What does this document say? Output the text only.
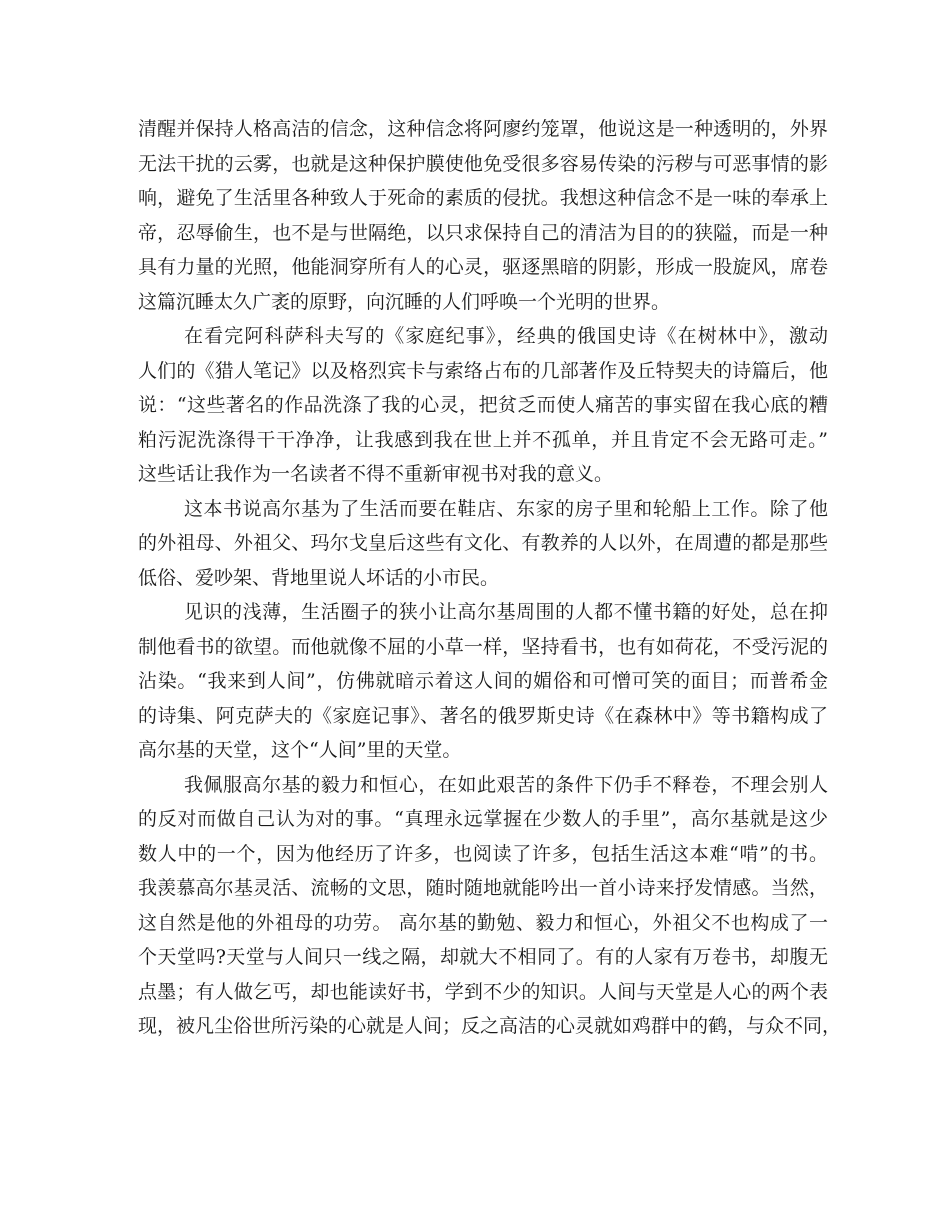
清醒并保持人格高洁的信念，这种信念将阿廖约笼罩，他说这是一种透明的，外界
无法干扰的云雾，也就是这种保护膜使他免受很多容易传染的污秽与可恶事情的影
响，避免了生活里各种致人于死命的素质的侵扰。我想这种信念不是一味的奉承上
帝，忍辱偷生，也不是与世隔绝，以只求保持自己的清洁为目的的狭隘，而是一种
具有力量的光照，他能洞穿所有人的心灵，驱逐黑暗的阴影，形成一股旋风，席卷
这篇沉睡太久广袤的原野，向沉睡的人们呼唤一个光明的世界。
在看完阿科萨科夫写的《家庭纪事》，经典的俄国史诗《在树林中》，激动
人们的《猎人笔记》以及格烈宾卡与索络占布的几部著作及丘特契夫的诗篇后，他
说：“这些著名的作品洗涤了我的心灵，把贫乏而使人痛苦的事实留在我心底的糟
粕污泥洗涤得干干净净，让我感到我在世上并不孤单，并且肯定不会无路可走。”
这些话让我作为一名读者不得不重新审视书对我的意义。
这本书说高尔基为了生活而要在鞋店、东家的房子里和轮船上工作。除了他
的外祖母、外祖父、玛尔戈皇后这些有文化、有教养的人以外，在周遭的都是那些
低俗、爱吵架、背地里说人坏话的小市民。
见识的浅薄，生活圈子的狭小让高尔基周围的人都不懂书籍的好处，总在抑
制他看书的欲望。而他就像不屈的小草一样，坚持看书，也有如荷花，不受污泥的
沾染。“我来到人间”，仿佛就暗示着这人间的媚俗和可憎可笑的面目；而普希金
的诗集、阿克萨夫的《家庭记事》、著名的俄罗斯史诗《在森林中》等书籍构成了
高尔基的天堂，这个“人间”里的天堂。
我佩服高尔基的毅力和恒心，在如此艰苦的条件下仍手不释卷，不理会别人
的反对而做自己认为对的事。“真理永远掌握在少数人的手里”，高尔基就是这少
数人中的一个，因为他经历了许多，也阅读了许多，包括生活这本难“啃”的书。
我羡慕高尔基灵活、流畅的文思，随时随地就能吟出一首小诗来抒发情感。当然，
这自然是他的外祖母的功劳。 高尔基的勤勉、毅力和恒心，外祖父不也构成了一
个天堂吗?天堂与人间只一线之隔，却就大不相同了。有的人家有万卷书，却腹无
点墨；有人做乞丐，却也能读好书，学到不少的知识。人间与天堂是人心的两个表
现，被凡尘俗世所污染的心就是人间；反之高洁的心灵就如鸡群中的鹤，与众不同，
